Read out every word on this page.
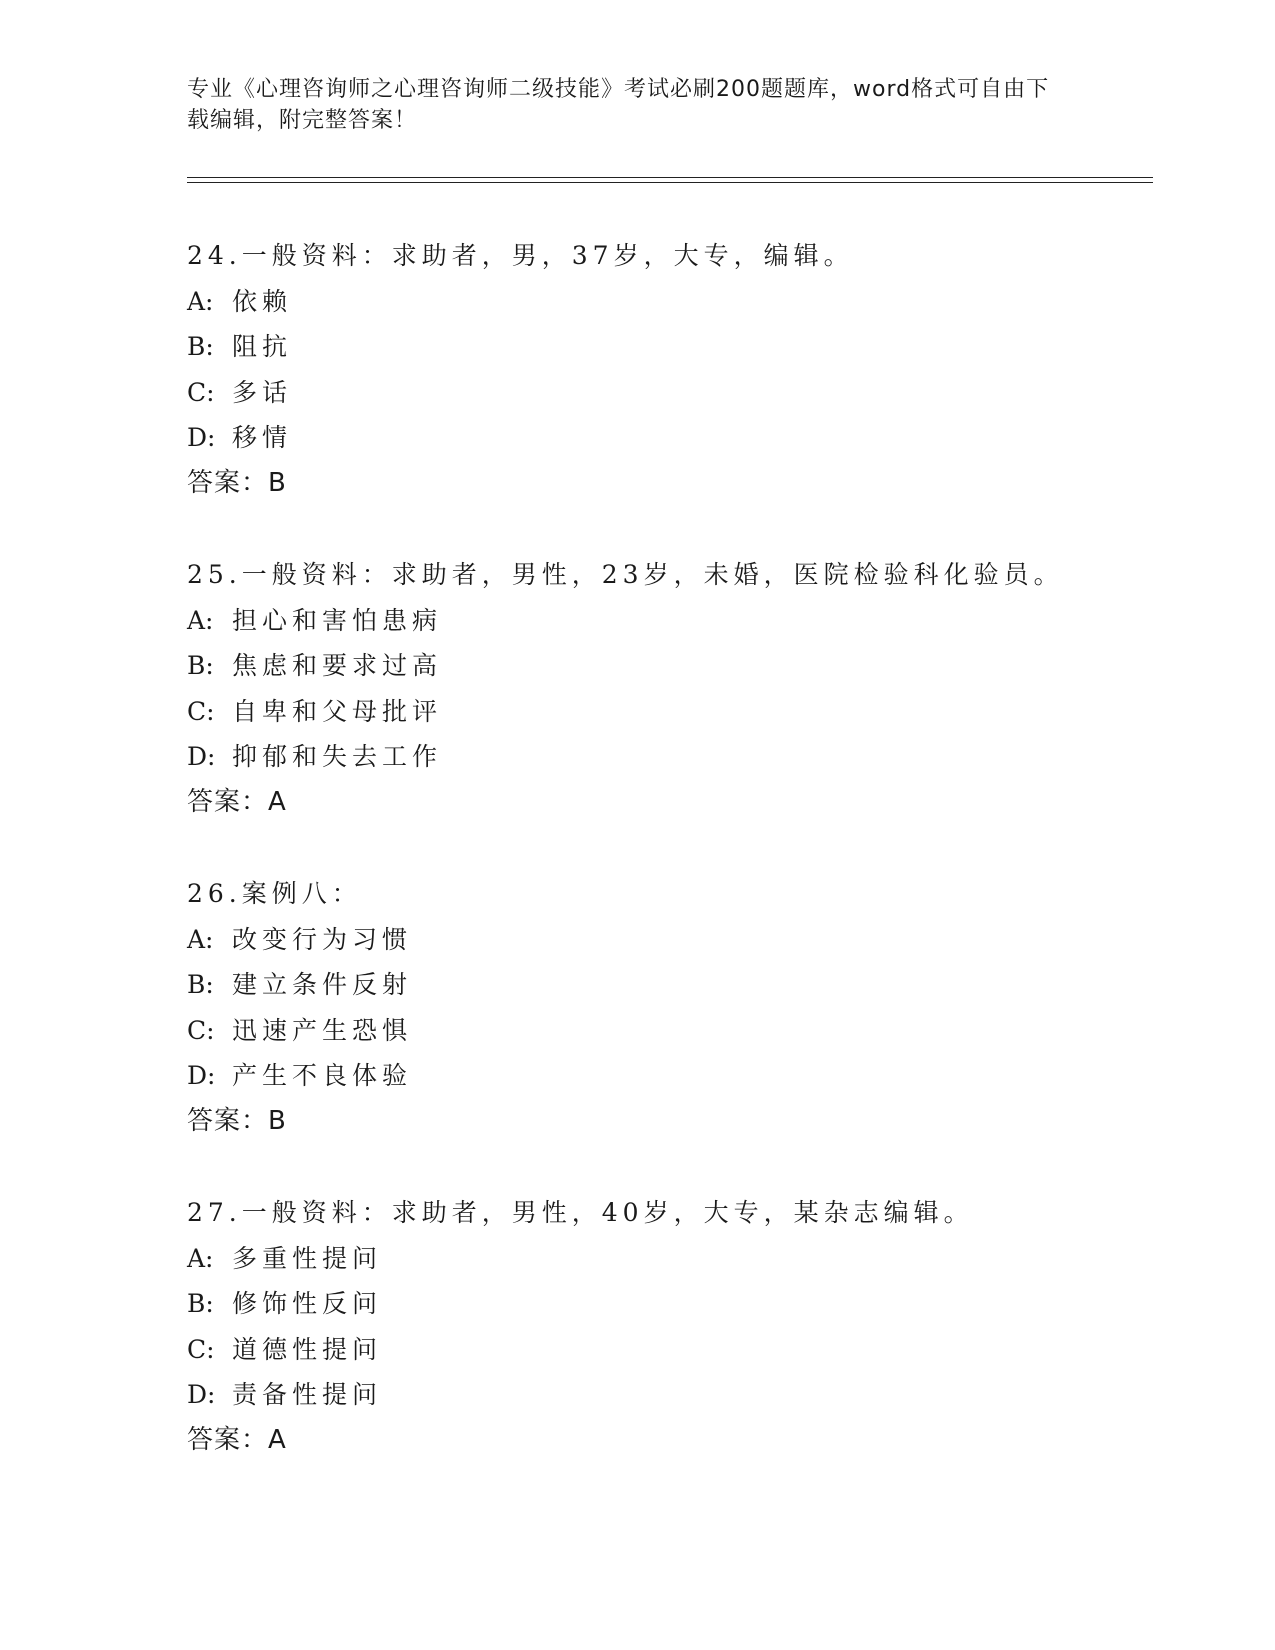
专业《心理咨询师之心理咨询师二级技能》考试必刷200题题库，word格式可自由下载编辑，附完整答案！
24.一般资料：求助者，男，37岁，大专，编辑。
A: 依赖
B: 阻抗
C: 多话
D: 移情
答案：B
25.一般资料：求助者，男性，23岁，未婚，医院检验科化验员。
A: 担心和害怕患病
B: 焦虑和要求过高
C: 自卑和父母批评
D: 抑郁和失去工作
答案：A
26.案例八：
A: 改变行为习惯
B: 建立条件反射
C: 迅速产生恐惧
D: 产生不良体验
答案：B
27.一般资料：求助者，男性，40岁，大专，某杂志编辑。
A: 多重性提问
B: 修饰性反问
C: 道德性提问
D: 责备性提问
答案：A
